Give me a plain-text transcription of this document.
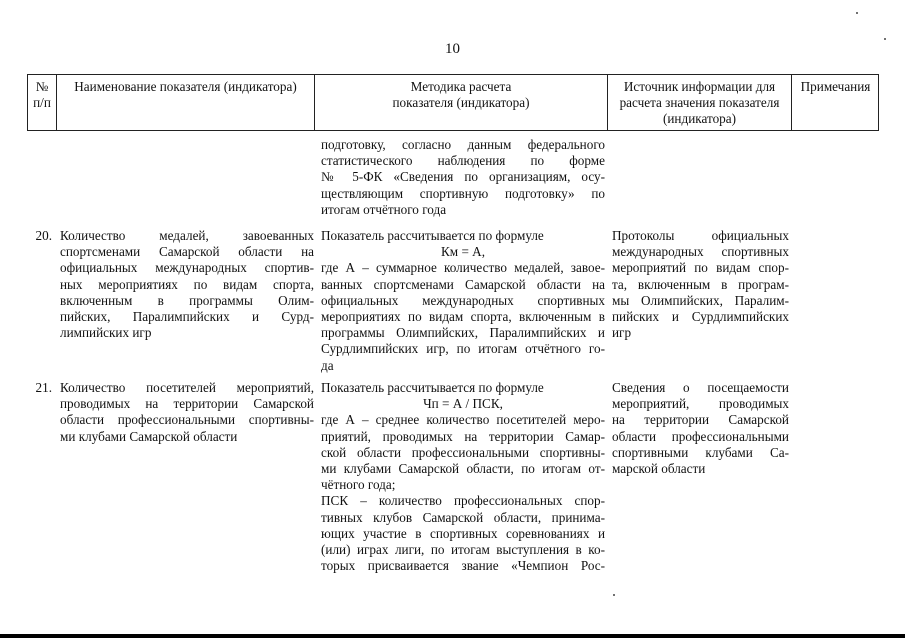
10
№
п/п
Наименование показателя (индикатора)	Методика расчета
показателя (индикатора)
Источник информации для
расчета значения показателя
(индикатора)
Примечания
подготовку, согласно данным федерального
статистического наблюдения по форме
№ 5-ФК «Сведения по организациям, осу-
ществляющим спортивную подготовку» по
итогам отчётного года
20. Количество медалей, завоеванных
спортсменами Самарской области на
официальных международных спортив-
ных мероприятиях по видам спорта,
включенным в программы Олим-
пийских, Паралимпийских и Сурд-
лимпийских игр
Показатель рассчитывается по формуле
Км = А,
где А – суммарное количество медалей, завое-
ванных спортсменами Самарской области на
официальных международных спортивных
мероприятиях по видам спорта, включенным в
программы Олимпийских, Паралимпийских и
Сурдлимпийских игр, по итогам отчётного го-
да
Протоколы официальных
международных спортивных
мероприятий по видам спор-
та, включенным в програм-
мы Олимпийских, Паралим-
пийских и Сурдлимпийских
игр
21. Количество посетителей мероприятий,
проводимых на территории Самарской
области профессиональными спортивны-
ми клубами Самарской области
Показатель рассчитывается по формуле
Чп = А / ПСК,
где А – среднее количество посетителей меро-
приятий, проводимых на территории Самар-
ской области профессиональными спортивны-
ми клубами Самарской области, по итогам от-
чётного года;
ПСК – количество профессиональных спор-
тивных клубов Самарской области, принима-
ющих участие в спортивных соревнованиях и
(или) играх лиги, по итогам выступления в ко-
торых присваивается звание «Чемпион Рос-
Сведения о посещаемости
мероприятий, проводимых
на территории Самарской
области профессиональными
спортивными клубами Са-
марской области
